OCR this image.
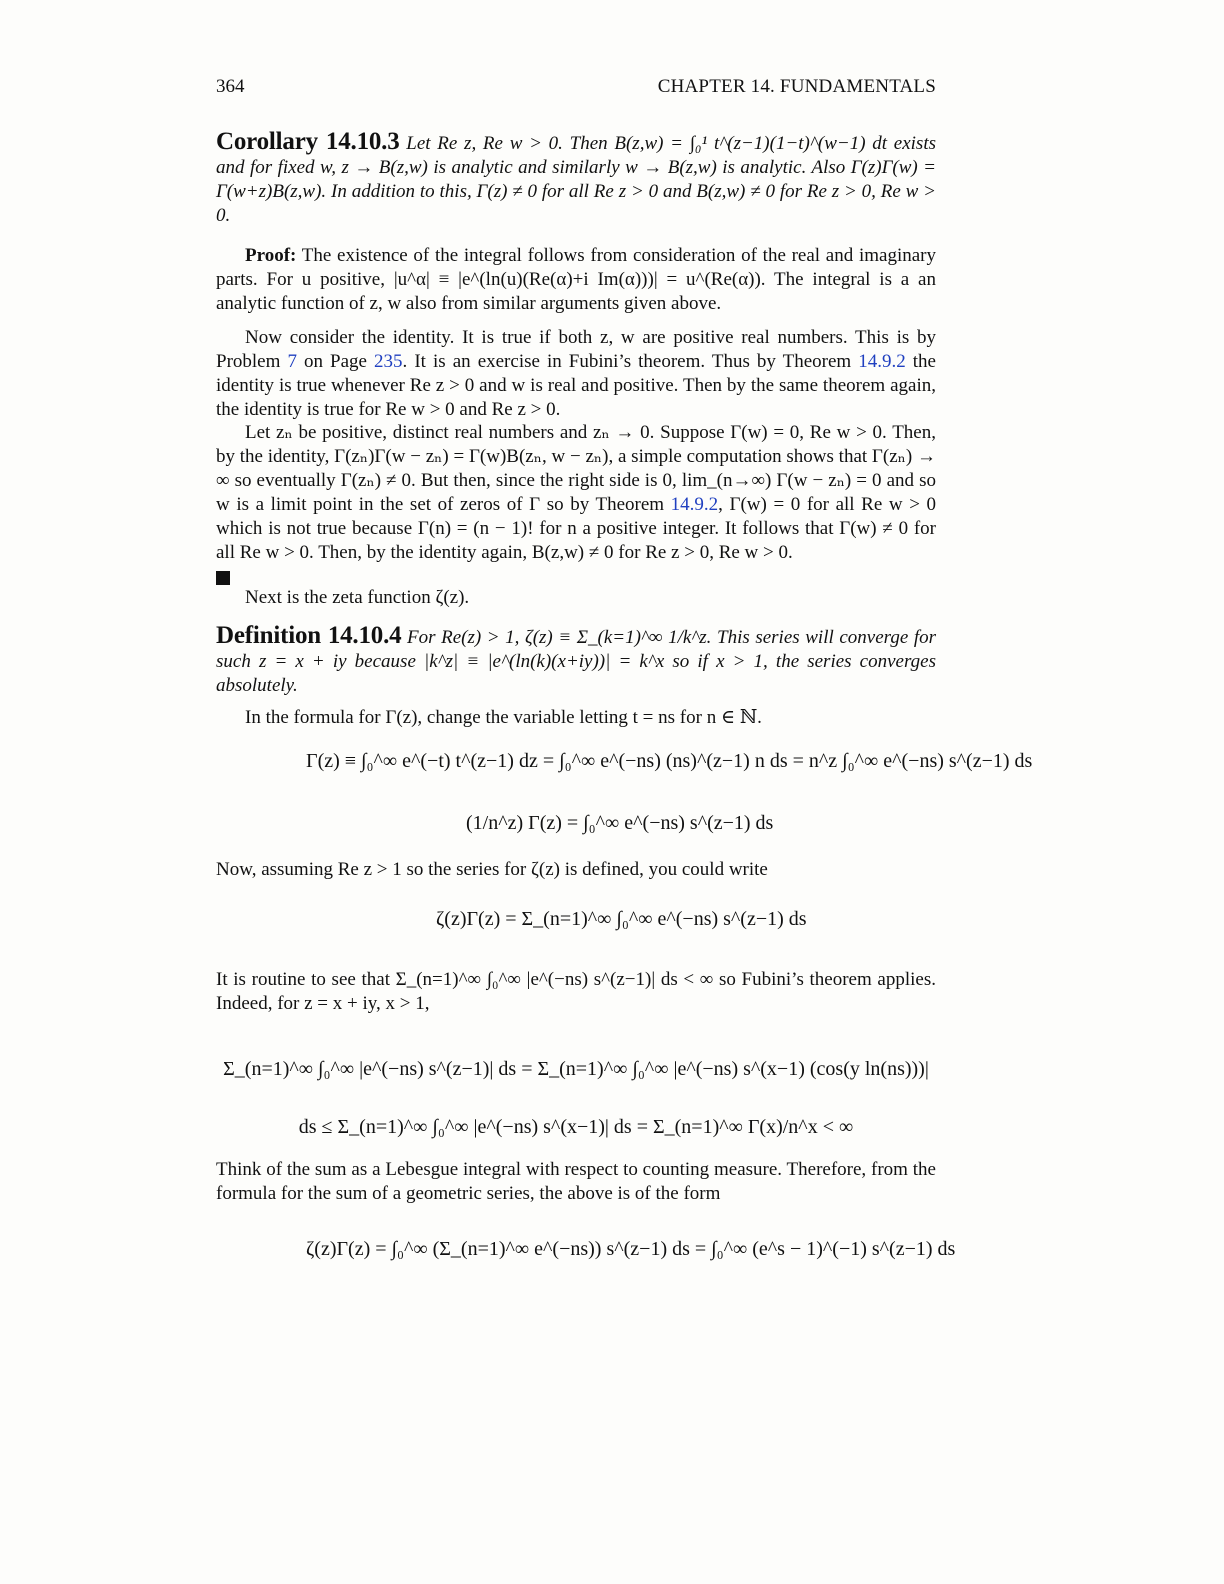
364	CHAPTER 14. FUNDAMENTALS
Corollary 14.10.3 Let Re z, Re w > 0. Then B(z,w) = ∫₀¹ t^(z−1)(1−t)^(w−1) dt exists and for fixed w, z → B(z,w) is analytic and similarly w → B(z,w) is analytic. Also Γ(z)Γ(w) = Γ(w+z)B(z,w). In addition to this, Γ(z) ≠ 0 for all Re z > 0 and B(z,w) ≠ 0 for Re z > 0, Re w > 0.
Proof: The existence of the integral follows from consideration of the real and imaginary parts. For u positive, |u^α| ≡ |e^(ln(u)(Re(α)+i Im(α)))| = u^(Re(α)). The integral is a an analytic function of z, w also from similar arguments given above.
Now consider the identity. It is true if both z, w are positive real numbers. This is by Problem 7 on Page 235. It is an exercise in Fubini’s theorem. Thus by Theorem 14.9.2 the identity is true whenever Re z > 0 and w is real and positive. Then by the same theorem again, the identity is true for Re w > 0 and Re z > 0.
Let zₙ be positive, distinct real numbers and zₙ → 0. Suppose Γ(w) = 0, Re w > 0. Then, by the identity, Γ(zₙ)Γ(w − zₙ) = Γ(w)B(zₙ, w − zₙ), a simple computation shows that Γ(zₙ) → ∞ so eventually Γ(zₙ) ≠ 0. But then, since the right side is 0, lim_(n→∞) Γ(w − zₙ) = 0 and so w is a limit point in the set of zeros of Γ so by Theorem 14.9.2, Γ(w) = 0 for all Re w > 0 which is not true because Γ(n) = (n − 1)! for n a positive integer. It follows that Γ(w) ≠ 0 for all Re w > 0. Then, by the identity again, B(z,w) ≠ 0 for Re z > 0, Re w > 0.

Next is the zeta function ζ(z).
Definition 14.10.4 For Re(z) > 1, ζ(z) ≡ Σ_(k=1)^∞ 1/k^z. This series will converge for such z = x + iy because |k^z| ≡ |e^(ln(k)(x+iy))| = k^x so if x > 1, the series converges absolutely.
In the formula for Γ(z), change the variable letting t = ns for n ∈ ℕ.
Γ(z) ≡ ∫₀^∞ e^(−t) t^(z−1) dz = ∫₀^∞ e^(−ns) (ns)^(z−1) n ds = n^z ∫₀^∞ e^(−ns) s^(z−1) ds
(1/n^z) Γ(z) = ∫₀^∞ e^(−ns) s^(z−1) ds
Now, assuming Re z > 1 so the series for ζ(z) is defined, you could write
ζ(z)Γ(z) = Σ_(n=1)^∞ ∫₀^∞ e^(−ns) s^(z−1) ds
It is routine to see that Σ_(n=1)^∞ ∫₀^∞ |e^(−ns) s^(z−1)| ds < ∞ so Fubini’s theorem applies. Indeed, for z = x + iy, x > 1,
Σ_(n=1)^∞ ∫₀^∞ |e^(−ns) s^(z−1)| ds = Σ_(n=1)^∞ ∫₀^∞ |e^(−ns) s^(x−1) (cos(y ln(ns)))| ds ≤ Σ_(n=1)^∞ ∫₀^∞ |e^(−ns) s^(x−1)| ds = Σ_(n=1)^∞ Γ(x)/n^x < ∞
Think of the sum as a Lebesgue integral with respect to counting measure. Therefore, from the formula for the sum of a geometric series, the above is of the form
ζ(z)Γ(z) = ∫₀^∞ (Σ_(n=1)^∞ e^(−ns)) s^(z−1) ds = ∫₀^∞ (e^s − 1)^(−1) s^(z−1) ds
